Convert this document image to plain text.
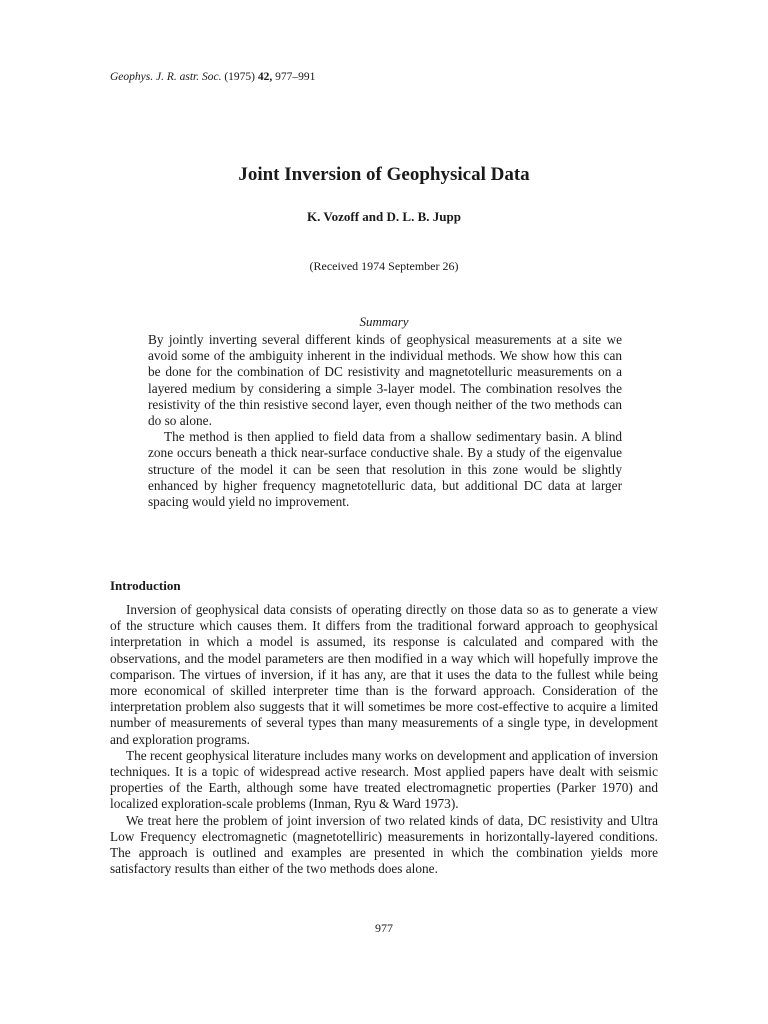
Geophys. J. R. astr. Soc. (1975) 42, 977–991
Joint Inversion of Geophysical Data
K. Vozoff and D. L. B. Jupp
(Received 1974 September 26)
Summary

By jointly inverting several different kinds of geophysical measurements at a site we avoid some of the ambiguity inherent in the individual methods. We show how this can be done for the combination of DC resistivity and magnetotelluric measurements on a layered medium by considering a simple 3-layer model. The combination resolves the resistivity of the thin resistive second layer, even though neither of the two methods can do so alone.

The method is then applied to field data from a shallow sedimentary basin. A blind zone occurs beneath a thick near-surface conductive shale. By a study of the eigenvalue structure of the model it can be seen that resolution in this zone would be slightly enhanced by higher frequency magnetotelluric data, but additional DC data at larger spacing would yield no improvement.

Introduction

Inversion of geophysical data consists of operating directly on those data so as to generate a view of the structure which causes them. It differs from the traditional forward approach to geophysical interpretation in which a model is assumed, its response is calculated and compared with the observations, and the model parameters are then modified in a way which will hopefully improve the comparison. The virtues of inversion, if it has any, are that it uses the data to the fullest while being more economical of skilled interpreter time than is the forward approach. Consideration of the interpretation problem also suggests that it will sometimes be more cost-effective to acquire a limited number of measurements of several types than many measurements of a single type, in development and exploration programs.

The recent geophysical literature includes many works on development and application of inversion techniques. It is a topic of widespread active research. Most applied papers have dealt with seismic properties of the Earth, although some have treated electromagnetic properties (Parker 1970) and localized exploration-scale problems (Inman, Ryu & Ward 1973).

We treat here the problem of joint inversion of two related kinds of data, DC resistivity and Ultra Low Frequency electromagnetic (magnetotelliric) measurements in horizontally-layered conditions. The approach is outlined and examples are presented in which the combination yields more satisfactory results than either of the two methods does alone.

977
